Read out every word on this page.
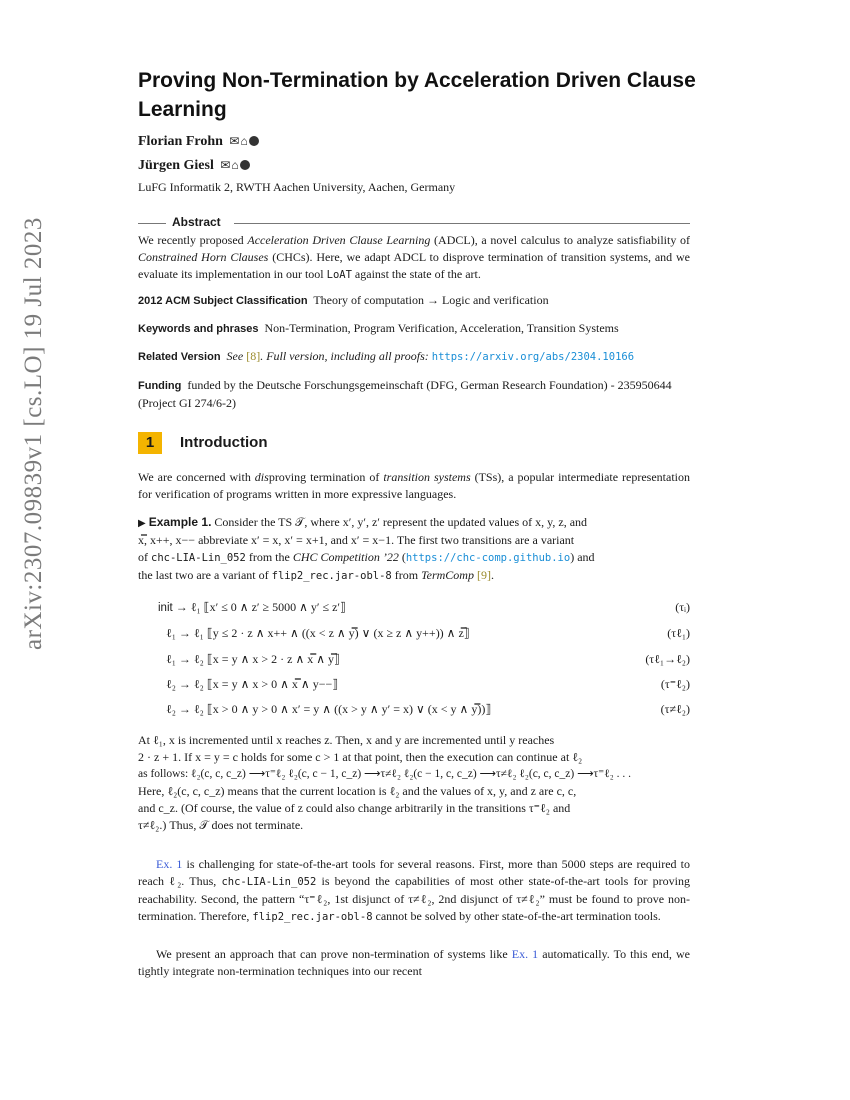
arXiv:2307.09839v1 [cs.LO] 19 Jul 2023
Proving Non-Termination by Acceleration Driven Clause Learning
Florian Frohn ✉⌂
Jürgen Giesl ✉⌂
LuFG Informatik 2, RWTH Aachen University, Aachen, Germany
Abstract

We recently proposed Acceleration Driven Clause Learning (ADCL), a novel calculus to analyze satisfiability of Constrained Horn Clauses (CHCs). Here, we adapt ADCL to disprove termination of transition systems, and we evaluate its implementation in our tool LoAT against the state of the art.

2012 ACM Subject Classification Theory of computation → Logic and verification

Keywords and phrases Non-Termination, Program Verification, Acceleration, Transition Systems

Related Version See [8]. Full version, including all proofs: https://arxiv.org/abs/2304.10166

Funding funded by the Deutsche Forschungsgemeinschaft (DFG, German Research Foundation) - 235950644 (Project GI 274/6-2)

1	Introduction

We are concerned with disproving termination of transition systems (TSs), a popular intermediate representation for verification of programs written in more expressive languages.

▶ Example 1. Consider the TS 𝒯, where x′, y′, z′ represent the updated values of x, y, z, and
x̿, x++, x−− abbreviate x′ = x, x′ = x+1, and x′ = x−1. The first two transitions are a variant
of chc-LIA-Lin_052 from the CHC Competition ’22 (https://chc-comp.github.io) and
the last two are a variant of flip2_rec.jar-obl-8 from TermComp [9].
init → ℓ₁ ⟦x′ ≤ 0 ∧ z′ ≥ 5000 ∧ y′ ≤ z′⟧	(τᵢ)
ℓ₁ → ℓ₁ ⟦y ≤ 2 · z ∧ x++ ∧ ((x < z ∧ y̿) ∨ (x ≥ z ∧ y++)) ∧ z̿⟧	(τℓ₁)
ℓ₁ → ℓ₂ ⟦x = y ∧ x > 2 · z ∧ x̿ ∧ y̿⟧	(τℓ₁→ℓ₂)
ℓ₂ → ℓ₂ ⟦x = y ∧ x > 0 ∧ x̿ ∧ y−−⟧	(τ⁼ℓ₂)
ℓ₂ → ℓ₂ ⟦x > 0 ∧ y > 0 ∧ x′ = y ∧ ((x > y ∧ y′ = x) ∨ (x < y ∧ y̿))⟧	(τ≠ℓ₂)
At ℓ₁, x is incremented until x reaches z. Then, x and y are incremented until y reaches
2 · z + 1. If x = y = c holds for some c > 1 at that point, then the execution can continue at ℓ₂
as follows: ℓ₂(c, c, c_z) ⟶τ⁼ℓ₂ ℓ₂(c, c − 1, c_z) ⟶τ≠ℓ₂ ℓ₂(c − 1, c, c_z) ⟶τ≠ℓ₂ ℓ₂(c, c, c_z) ⟶τ⁼ℓ₂ . . .
Here, ℓ₂(c, c, c_z) means that the current location is ℓ₂ and the values of x, y, and z are c, c,
and c_z. (Of course, the value of z could also change arbitrarily in the transitions τ⁼ℓ₂ and
τ≠ℓ₂.) Thus, 𝒯 does not terminate.

Ex. 1 is challenging for state-of-the-art tools for several reasons. First, more than 5000 steps are required to reach ℓ₂. Thus, chc-LIA-Lin_052 is beyond the capabilities of most other state-of-the-art tools for proving reachability. Second, the pattern “τ⁼ℓ₂, 1st disjunct of τ≠ℓ₂, 2nd disjunct of τ≠ℓ₂” must be found to prove non-termination. Therefore, flip2_rec.jar-obl-8 cannot be solved by other state-of-the-art termination tools.

We present an approach that can prove non-termination of systems like Ex. 1 automatically. To this end, we tightly integrate non-termination techniques into our recent
